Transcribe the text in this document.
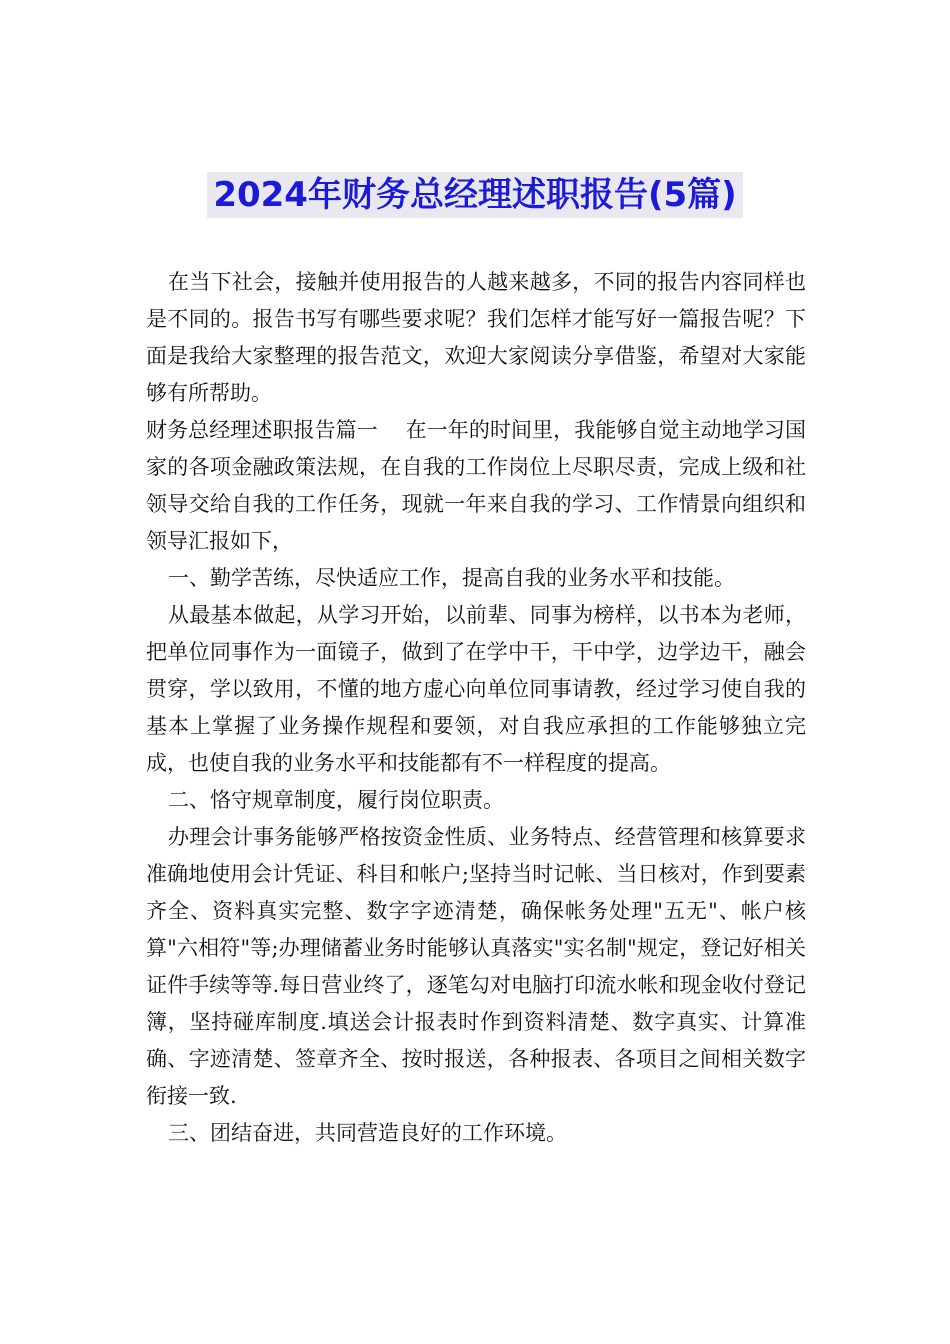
2024年财务总经理述职报告(5篇)

在当下社会，接触并使用报告的人越来越多，不同的报告内容同样也是不同的。报告书写有哪些要求呢？我们怎样才能写好一篇报告呢？下面是我给大家整理的报告范文，欢迎大家阅读分享借鉴，希望对大家能够有所帮助。

财务总经理述职报告篇一　 在一年的时间里，我能够自觉主动地学习国家的各项金融政策法规，在自我的工作岗位上尽职尽责，完成上级和社领导交给自我的工作任务，现就一年来自我的学习、工作情景向组织和领导汇报如下，

一、勤学苦练，尽快适应工作，提高自我的业务水平和技能。

从最基本做起，从学习开始，以前辈、同事为榜样，以书本为老师，把单位同事作为一面镜子，做到了在学中干，干中学，边学边干，融会贯穿，学以致用，不懂的地方虚心向单位同事请教，经过学习使自我的基本上掌握了业务操作规程和要领，对自我应承担的工作能够独立完成，也使自我的业务水平和技能都有不一样程度的提高。

二、恪守规章制度，履行岗位职责。

办理会计事务能够严格按资金性质、业务特点、经营管理和核算要求准确地使用会计凭证、科目和帐户;坚持当时记帐、当日核对，作到要素齐全、资料真实完整、数字字迹清楚，确保帐务处理"五无"、帐户核算"六相符"等;办理储蓄业务时能够认真落实"实名制"规定，登记好相关证件手续等等.每日营业终了，逐笔勾对电脑打印流水帐和现金收付登记簿，坚持碰库制度.填送会计报表时作到资料清楚、数字真实、计算准确、字迹清楚、签章齐全、按时报送，各种报表、各项目之间相关数字衔接一致.

三、团结奋进，共同营造良好的工作环境。
